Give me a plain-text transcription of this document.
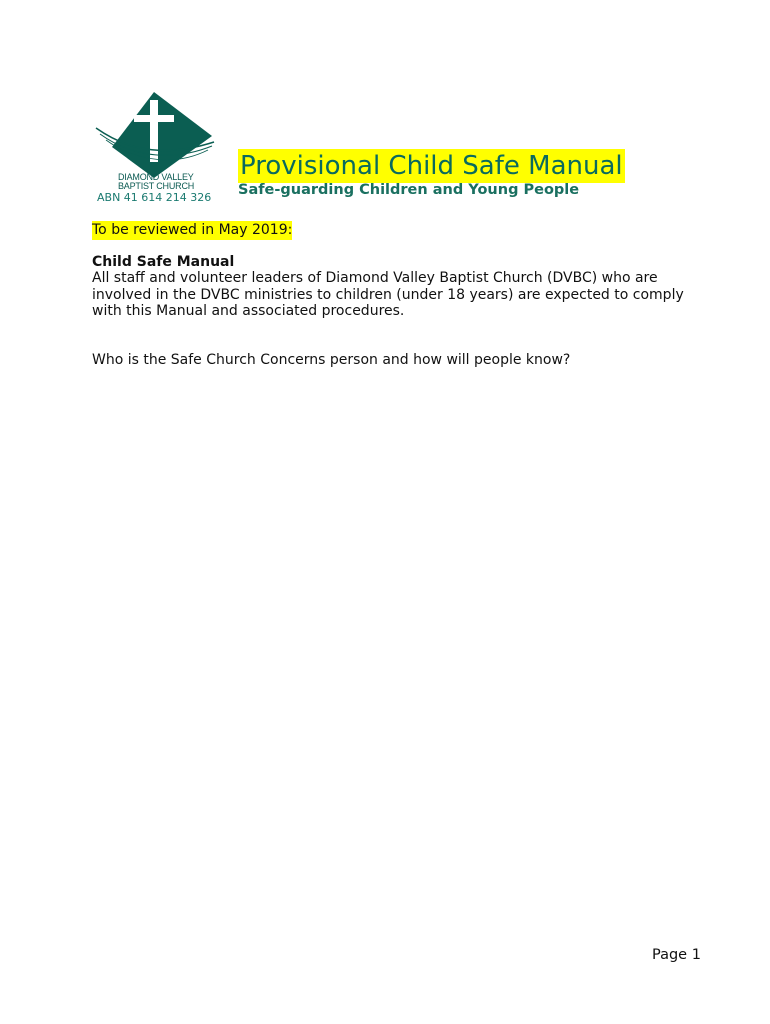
DIAMOND VALLEY
BAPTIST CHURCH
ABN 41 614 214 326
Provisional Child Safe Manual
Safe-guarding Children and Young People
To be reviewed in May 2019:
Child Safe Manual
All staff and volunteer leaders of Diamond Valley Baptist Church (DVBC) who are involved in the DVBC ministries to children (under 18 years) are expected to comply with this Manual and associated procedures.
Who is the Safe Church Concerns person and how will people know?
Page 1
